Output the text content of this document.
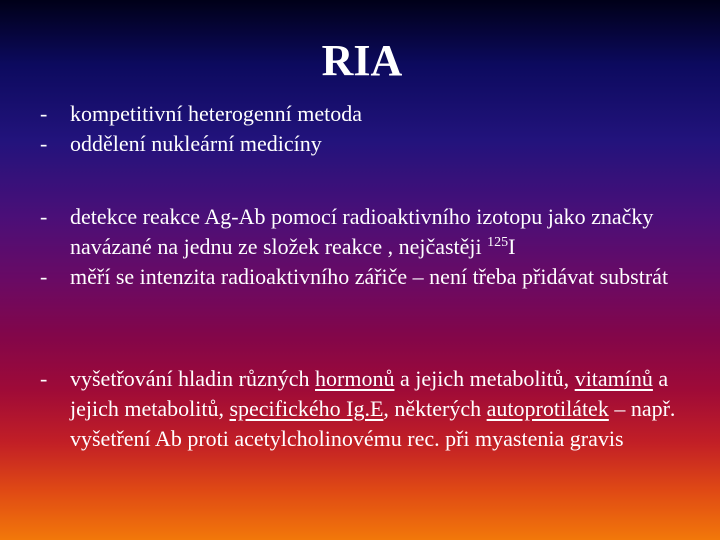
RIA
- kompetitivní heterogenní metoda
- oddělení nukleární medicíny
- detekce reakce Ag-Ab pomocí radioaktivního izotopu jako značky navázané na jednu ze složek reakce , nejčastěji $^{125}$I
- měří se intenzita radioaktivního zářiče – není třeba přidávat substrát
- vyšetřování hladin různých hormonů a jejich metabolitů, vitamínů a jejich metabolitů, specifického Ig.E, některých autoprotilátek – např. vyšetření Ab proti acetylcholinovému rec. při myastenia gravis
